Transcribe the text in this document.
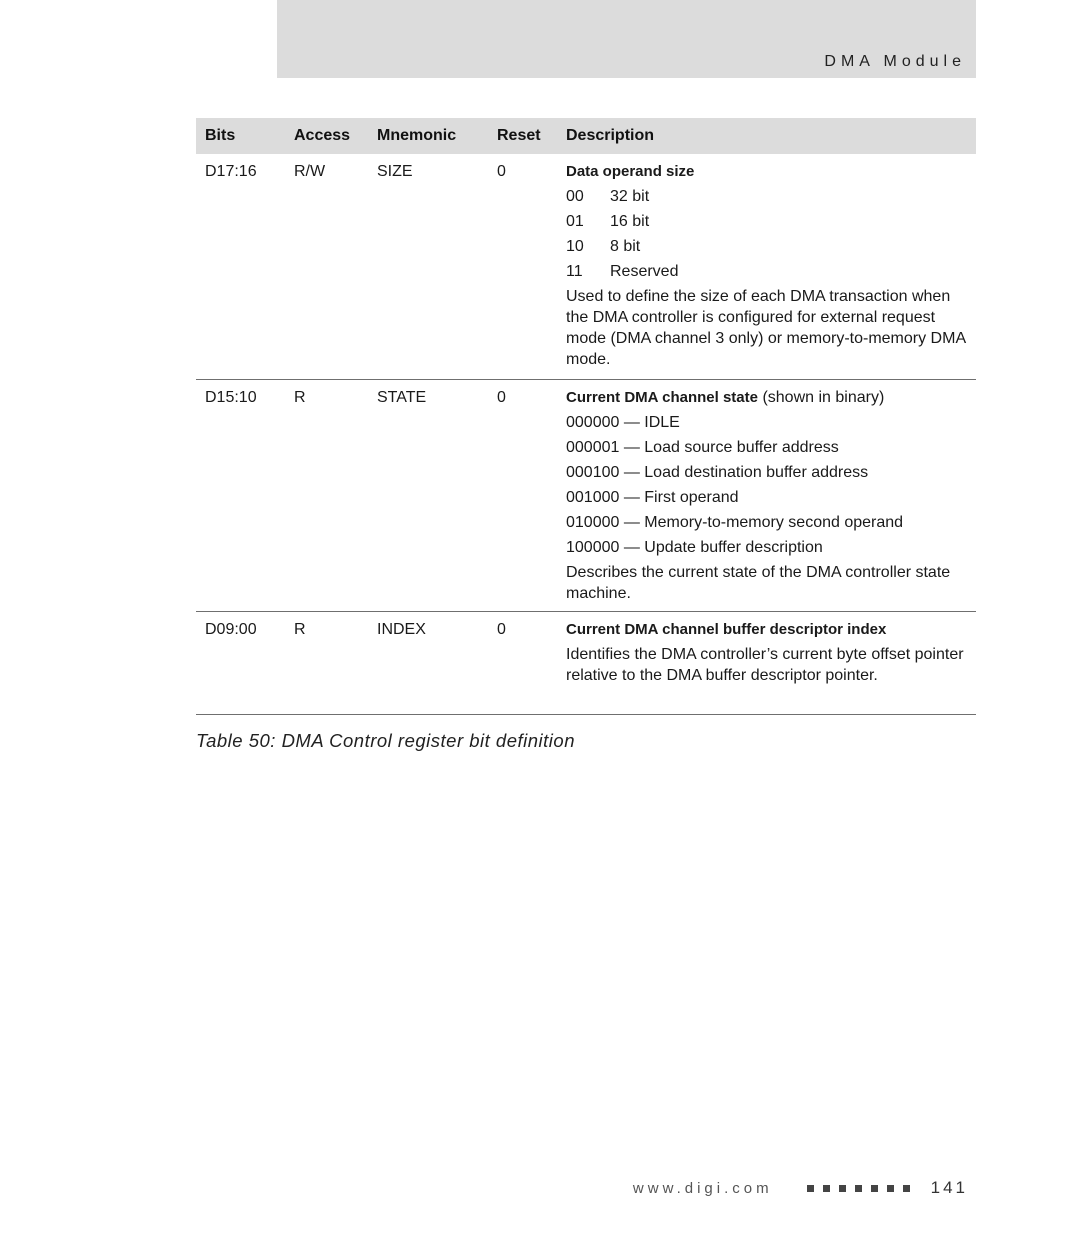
DMA Module
Bits	Access	Mnemonic	Reset	Description
D17:16	R/W	SIZE	0	Data operand size
00 32 bit
01 16 bit
10 8 bit
11 Reserved
Used to define the size of each DMA transaction when the DMA controller is configured for external request mode (DMA channel 3 only) or memory-to-memory DMA mode.
D15:10	R	STATE	0	Current DMA channel state (shown in binary)
000000 — IDLE
000001 — Load source buffer address
000100 — Load destination buffer address
001000 — First operand
010000 — Memory-to-memory second operand
100000 — Update buffer description
Describes the current state of the DMA controller state machine.
D09:00	R	INDEX	0	Current DMA channel buffer descriptor index
Identifies the DMA controller’s current byte offset pointer relative to the DMA buffer descriptor pointer.
Table 50: DMA Control register bit definition
www.digi.com	141
